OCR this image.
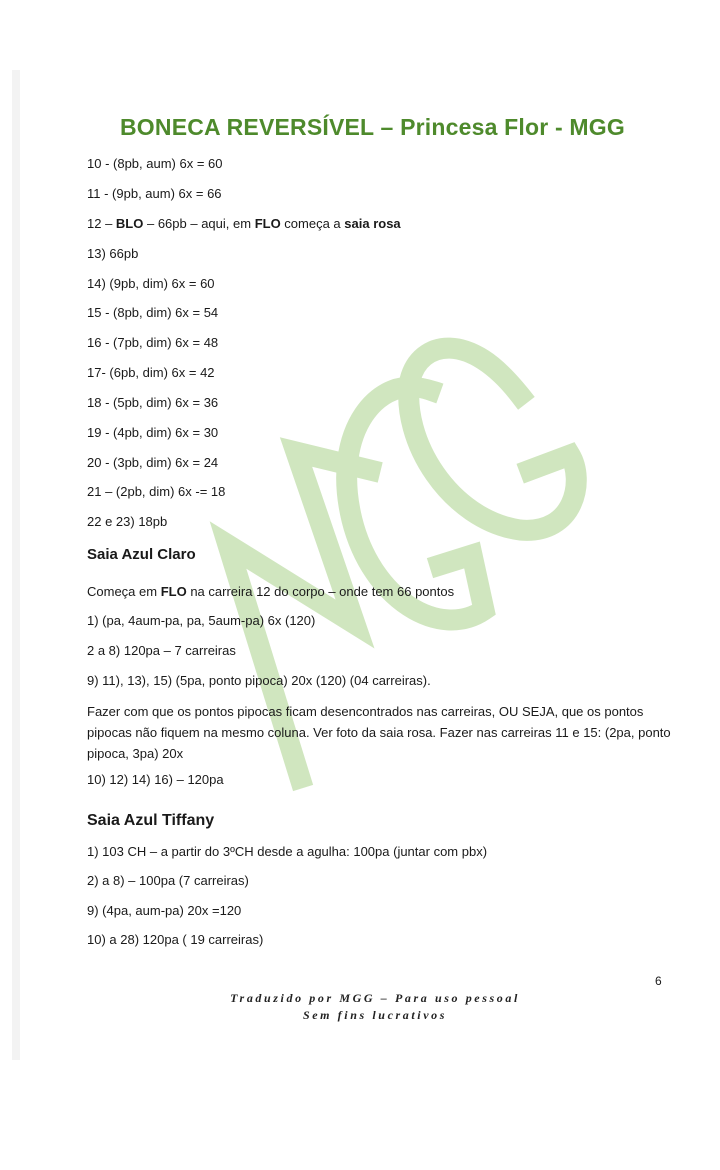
BONECA REVERSÍVEL – Princesa Flor - MGG
10 - (8pb, aum) 6x = 60
11 - (9pb, aum) 6x = 66
12 – BLO – 66pb – aqui, em FLO começa a saia rosa
13) 66pb
14) (9pb, dim) 6x = 60
15 - (8pb, dim) 6x = 54
16 - (7pb, dim) 6x = 48
17- (6pb, dim) 6x = 42
18 - (5pb, dim) 6x = 36
19 - (4pb, dim) 6x = 30
20 - (3pb, dim) 6x = 24
21 – (2pb, dim) 6x -= 18
22 e 23) 18pb
Saia Azul Claro
Começa em FLO na carreira 12 do corpo – onde tem 66 pontos
1) (pa, 4aum-pa, pa, 5aum-pa) 6x (120)
2 a 8) 120pa – 7 carreiras
9) 11), 13), 15) (5pa, ponto pipoca) 20x (120) (04 carreiras).
Fazer com que os pontos pipocas ficam desencontrados nas carreiras, OU SEJA, que os pontos pipocas não fiquem na mesmo coluna. Ver foto da saia rosa. Fazer nas carreiras 11 e 15: (2pa, ponto pipoca, 3pa) 20x
10) 12) 14) 16) – 120pa
Saia Azul Tiffany
1) 103 CH – a partir do 3ºCH desde a agulha: 100pa (juntar com pbx)
2) a 8) – 100pa (7 carreiras)
9) (4pa, aum-pa) 20x =120
10) a 28) 120pa ( 19 carreiras)
6
Traduzido por MGG – Para uso pessoal
Sem fins lucrativos
